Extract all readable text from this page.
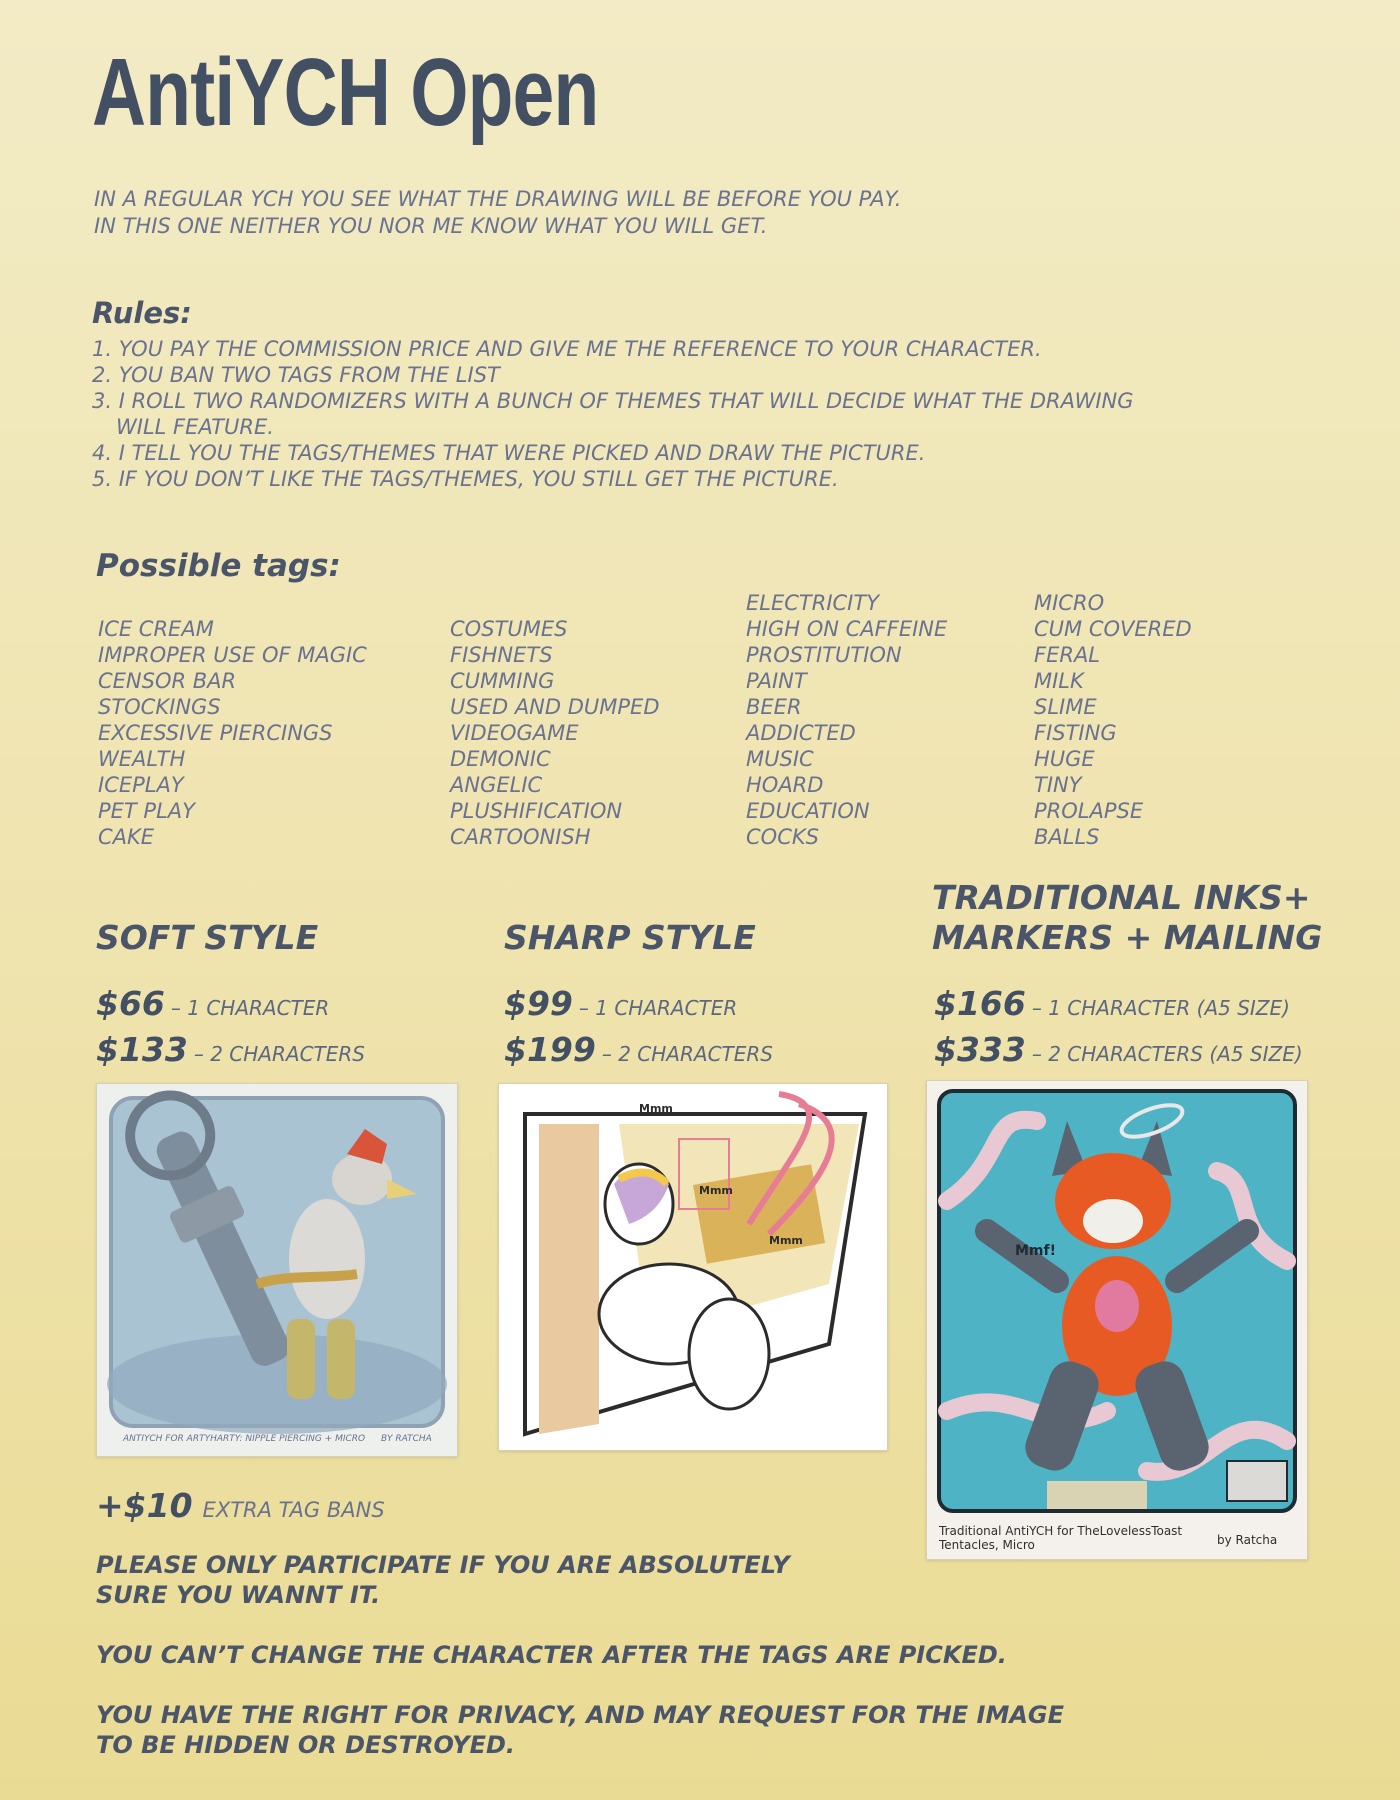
AntiYCH Open
IN A REGULAR YCH YOU SEE WHAT THE DRAWING WILL BE BEFORE YOU PAY.
IN THIS ONE NEITHER YOU NOR ME KNOW WHAT YOU WILL GET.
Rules:
1. YOU PAY THE COMMISSION PRICE AND GIVE ME THE REFERENCE TO YOUR CHARACTER.
2. YOU BAN TWO TAGS FROM THE LIST
3. I ROLL TWO RANDOMIZERS WITH A BUNCH OF THEMES THAT WILL DECIDE WHAT THE DRAWING
WILL FEATURE.
4. I TELL YOU THE TAGS/THEMES THAT WERE PICKED AND DRAW THE PICTURE.
5. IF YOU DON’T LIKE THE TAGS/THEMES, YOU STILL GET THE PICTURE.
Possible tags:
ICE CREAM
IMPROPER USE OF MAGIC
CENSOR BAR
STOCKINGS
EXCESSIVE PIERCINGS
WEALTH
ICEPLAY
PET PLAY
CAKE
COSTUMES
FISHNETS
CUMMING
USED AND DUMPED
VIDEOGAME
DEMONIC
ANGELIC
PLUSHIFICATION
CARTOONISH
ELECTRICITY
HIGH ON CAFFEINE
PROSTITUTION
PAINT
BEER
ADDICTED
MUSIC
HOARD
EDUCATION
COCKS
MICRO
CUM COVERED
FERAL
MILK
SLIME
FISTING
HUGE
TINY
PROLAPSE
BALLS
SOFT STYLE
$66 – 1 CHARACTER
$133 – 2 CHARACTERS
SHARP STYLE
$99 – 1 CHARACTER
$199 – 2 CHARACTERS
TRADITIONAL INKS+
MARKERS + MAILING
$166 – 1 CHARACTER (A5 SIZE)
$333 – 2 CHARACTERS (A5 SIZE)
ANTIYCH FOR ARTYHARTY: NIPPLE PIERCING + MICRO BY RATCHA
Mmm
Mmm
Mmm
Mmf!
Traditional AntiYCH for TheLovelessToast
Tentacles, Micro	by Ratcha
+$10 EXTRA TAG BANS

PLEASE ONLY PARTICIPATE IF YOU ARE ABSOLUTELY
SURE YOU WANNT IT.

YOU CAN’T CHANGE THE CHARACTER AFTER THE TAGS ARE PICKED.

YOU HAVE THE RIGHT FOR PRIVACY, AND MAY REQUEST FOR THE IMAGE
TO BE HIDDEN OR DESTROYED.
